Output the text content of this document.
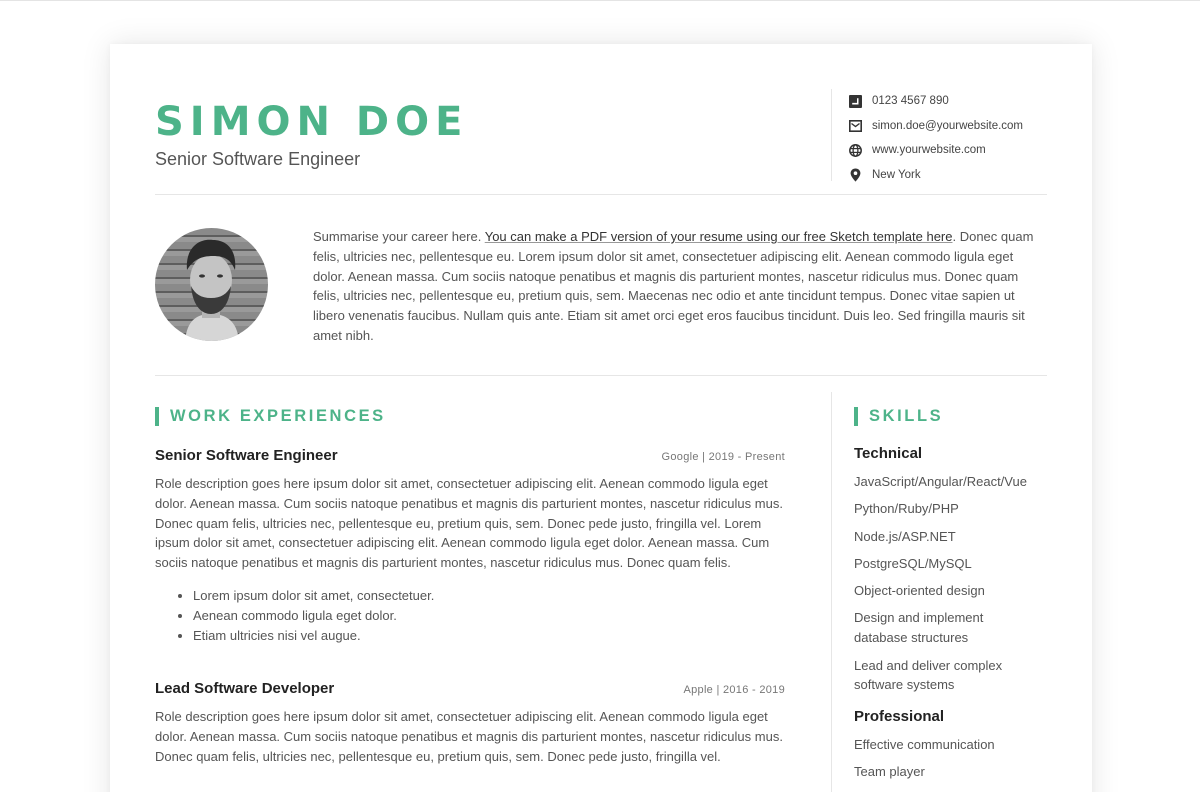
SIMON DOE
Senior Software Engineer
0123 4567 890
simon.doe@yourwebsite.com
www.yourwebsite.com
New York
Summarise your career here. You can make a PDF version of your resume using our free Sketch template here. Donec quam felis, ultricies nec, pellentesque eu. Lorem ipsum dolor sit amet, consectetuer adipiscing elit. Aenean commodo ligula eget dolor. Aenean massa. Cum sociis natoque penatibus et magnis dis parturient montes, nascetur ridiculus mus. Donec quam felis, ultricies nec, pellentesque eu, pretium quis, sem. Maecenas nec odio et ante tincidunt tempus. Donec vitae sapien ut libero venenatis faucibus. Nullam quis ante. Etiam sit amet orci eget eros faucibus tincidunt. Duis leo. Sed fringilla mauris sit amet nibh.
WORK EXPERIENCES
Senior Software Engineer	Google | 2019 - Present
Role description goes here ipsum dolor sit amet, consectetuer adipiscing elit. Aenean commodo ligula eget dolor. Aenean massa. Cum sociis natoque penatibus et magnis dis parturient montes, nascetur ridiculus mus. Donec quam felis, ultricies nec, pellentesque eu, pretium quis, sem. Donec pede justo, fringilla vel. Lorem ipsum dolor sit amet, consectetuer adipiscing elit. Aenean commodo ligula eget dolor. Aenean massa. Cum sociis natoque penatibus et magnis dis parturient montes, nascetur ridiculus mus. Donec quam felis.
• Lorem ipsum dolor sit amet, consectetuer.
• Aenean commodo ligula eget dolor.
• Etiam ultricies nisi vel augue.
Lead Software Developer	Apple | 2016 - 2019
Role description goes here ipsum dolor sit amet, consectetuer adipiscing elit. Aenean commodo ligula eget dolor. Aenean massa. Cum sociis natoque penatibus et magnis dis parturient montes, nascetur ridiculus mus. Donec quam felis, ultricies nec, pellentesque eu, pretium quis, sem. Donec pede justo, fringilla vel.
SKILLS
Technical
JavaScript/Angular/React/Vue
Python/Ruby/PHP
Node.js/ASP.NET
PostgreSQL/MySQL
Object-oriented design
Design and implement database structures
Lead and deliver complex software systems
Professional
Effective communication
Team player
